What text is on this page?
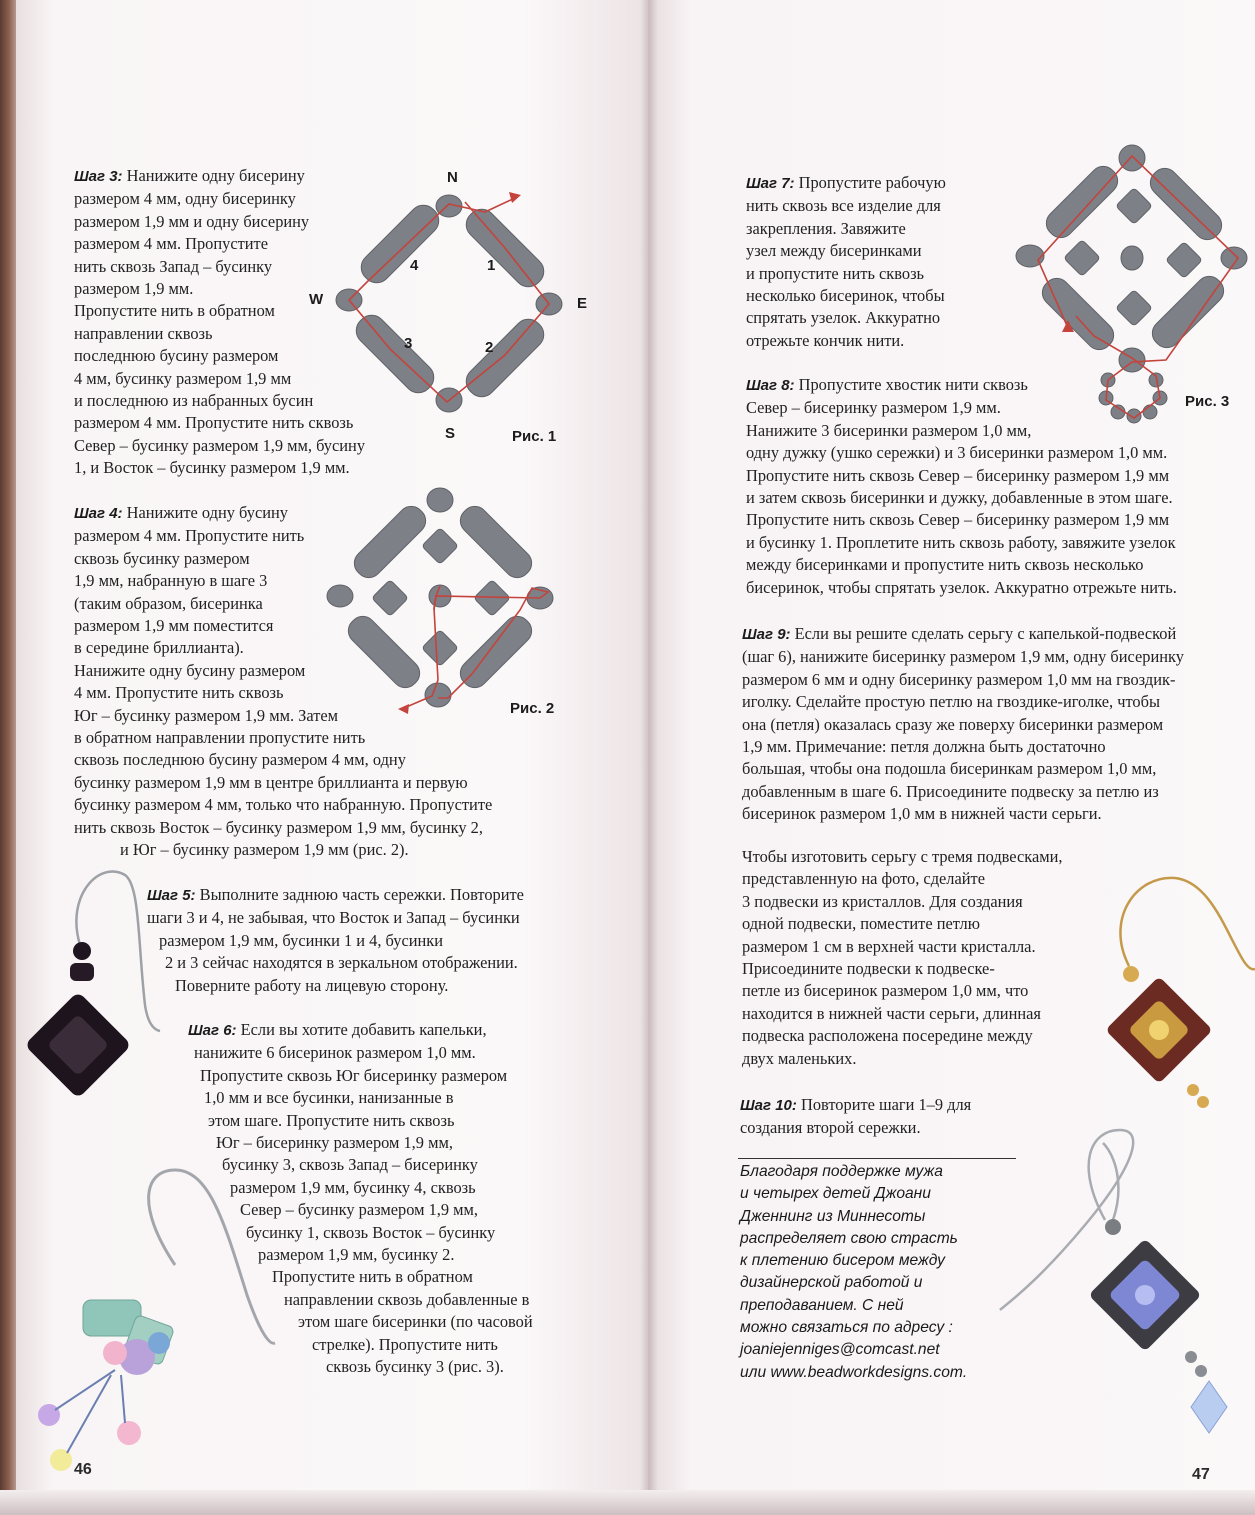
Шаг 3: Нанижите одну бисерину
размером 4 мм, одну бисеринку
размером 1,9 мм и одну бисерину
размером 4 мм. Пропустите
нить сквозь Запад – бусинку
размером 1,9 мм.
Пропустите нить в обратном
направлении сквозь
последнюю бусину размером
4 мм, бусинку размером 1,9 мм
и последнюю из набранных бусин
размером 4 мм. Пропустите нить сквозь
Север – бусинку размером 1,9 мм, бусину
1, и Восток – бусинку размером 1,9 мм.
N
S
E
W
4	1
3	2
Рис. 1
Шаг 4: Нанижите одну бусину
размером 4 мм. Пропустите нить
сквозь бусинку размером
1,9 мм, набранную в шаге 3
(таким образом, бисеринка
размером 1,9 мм поместится
в середине бриллианта).
Нанижите одну бусину размером
4 мм. Пропустите нить сквозь
Юг – бусинку размером 1,9 мм. Затем
в обратном направлении пропустите нить
сквозь последнюю бусину размером 4 мм, одну
бусинку размером 1,9 мм в центре бриллианта и первую
бусинку размером 4 мм, только что набранную. Пропустите
нить сквозь Восток – бусинку размером 1,9 мм, бусинку 2,
и Юг – бусинку размером 1,9 мм (рис. 2).
Рис. 2
Шаг 5: Выполните заднюю часть сережки. Повторите
шаги 3 и 4, не забывая, что Восток и Запад – бусинки
размером 1,9 мм, бусинки 1 и 4, бусинки
2 и 3 сейчас находятся в зеркальном отображении.
Поверните работу на лицевую сторону.
Шаг 6: Если вы хотите добавить капельки,
нанижите 6 бисеринок размером 1,0 мм.
Пропустите сквозь Юг бисеринку размером
1,0 мм и все бусинки, нанизанные в
этом шаге. Пропустите нить сквозь
Юг – бисеринку размером 1,9 мм,
бусинку 3, сквозь Запад – бисеринку
размером 1,9 мм, бусинку 4, сквозь
Север – бусинку размером 1,9 мм,
бусинку 1, сквозь Восток – бусинку
размером 1,9 мм, бусинку 2.
Пропустите нить в обратном
направлении сквозь добавленные в
этом шаге бисеринки (по часовой
стрелке). Пропустите нить
сквозь бусинку 3 (рис. 3).
46
Шаг 7: Пропустите рабочую
нить сквозь все изделие для
закрепления. Завяжите
узел между бисеринками
и пропустите нить сквозь
несколько бисеринок, чтобы
спрятать узелок. Аккуратно
отрежьте кончик нити.
Рис. 3
Шаг 8: Пропустите хвостик нити сквозь
Север – бисеринку размером 1,9 мм.
Нанижите 3 бисеринки размером 1,0 мм,
одну дужку (ушко сережки) и 3 бисеринки размером 1,0 мм.
Пропустите нить сквозь Север – бисеринку размером 1,9 мм
и затем сквозь бисеринки и дужку, добавленные в этом шаге.
Пропустите нить сквозь Север – бисеринку размером 1,9 мм
и бусинку 1. Проплетите нить сквозь работу, завяжите узелок
между бисеринками и пропустите нить сквозь несколько
бисеринок, чтобы спрятать узелок. Аккуратно отрежьте нить.
Шаг 9: Если вы решите сделать серьгу с капелькой-подвеской
(шаг 6), нанижите бисеринку размером 1,9 мм, одну бисеринку
размером 6 мм и одну бисеринку размером 1,0 мм на гвоздик-
иголку. Сделайте простую петлю на гвоздике-иголке, чтобы
она (петля) оказалась сразу же поверху бисеринки размером
1,9 мм. Примечание: петля должна быть достаточно
большая, чтобы она подошла бисеринкам размером 1,0 мм,
добавленным в шаге 6. Присоедините подвеску за петлю из
бисеринок размером 1,0 мм в нижней части серьги.
Чтобы изготовить серьгу с тремя подвесками,
представленную на фото, сделайте
3 подвески из кристаллов. Для создания
одной подвески, поместите петлю
размером 1 см в верхней части кристалла.
Присоедините подвески к подвеске-
петле из бисеринок размером 1,0 мм, что
находится в нижней части серьги, длинная
подвеска расположена посередине между
двух маленьких.
Шаг 10: Повторите шаги 1–9 для
создания второй сережки.
Благодаря поддержке мужа
и четырех детей Джоани
Дженнинг из Миннесоты
распределяет свою страсть
к плетению бисером между
дизайнерской работой и
преподаванием. С ней
можно связаться по адресу :
joaniejenniges@comcast.net
или www.beadworkdesigns.com.
47
